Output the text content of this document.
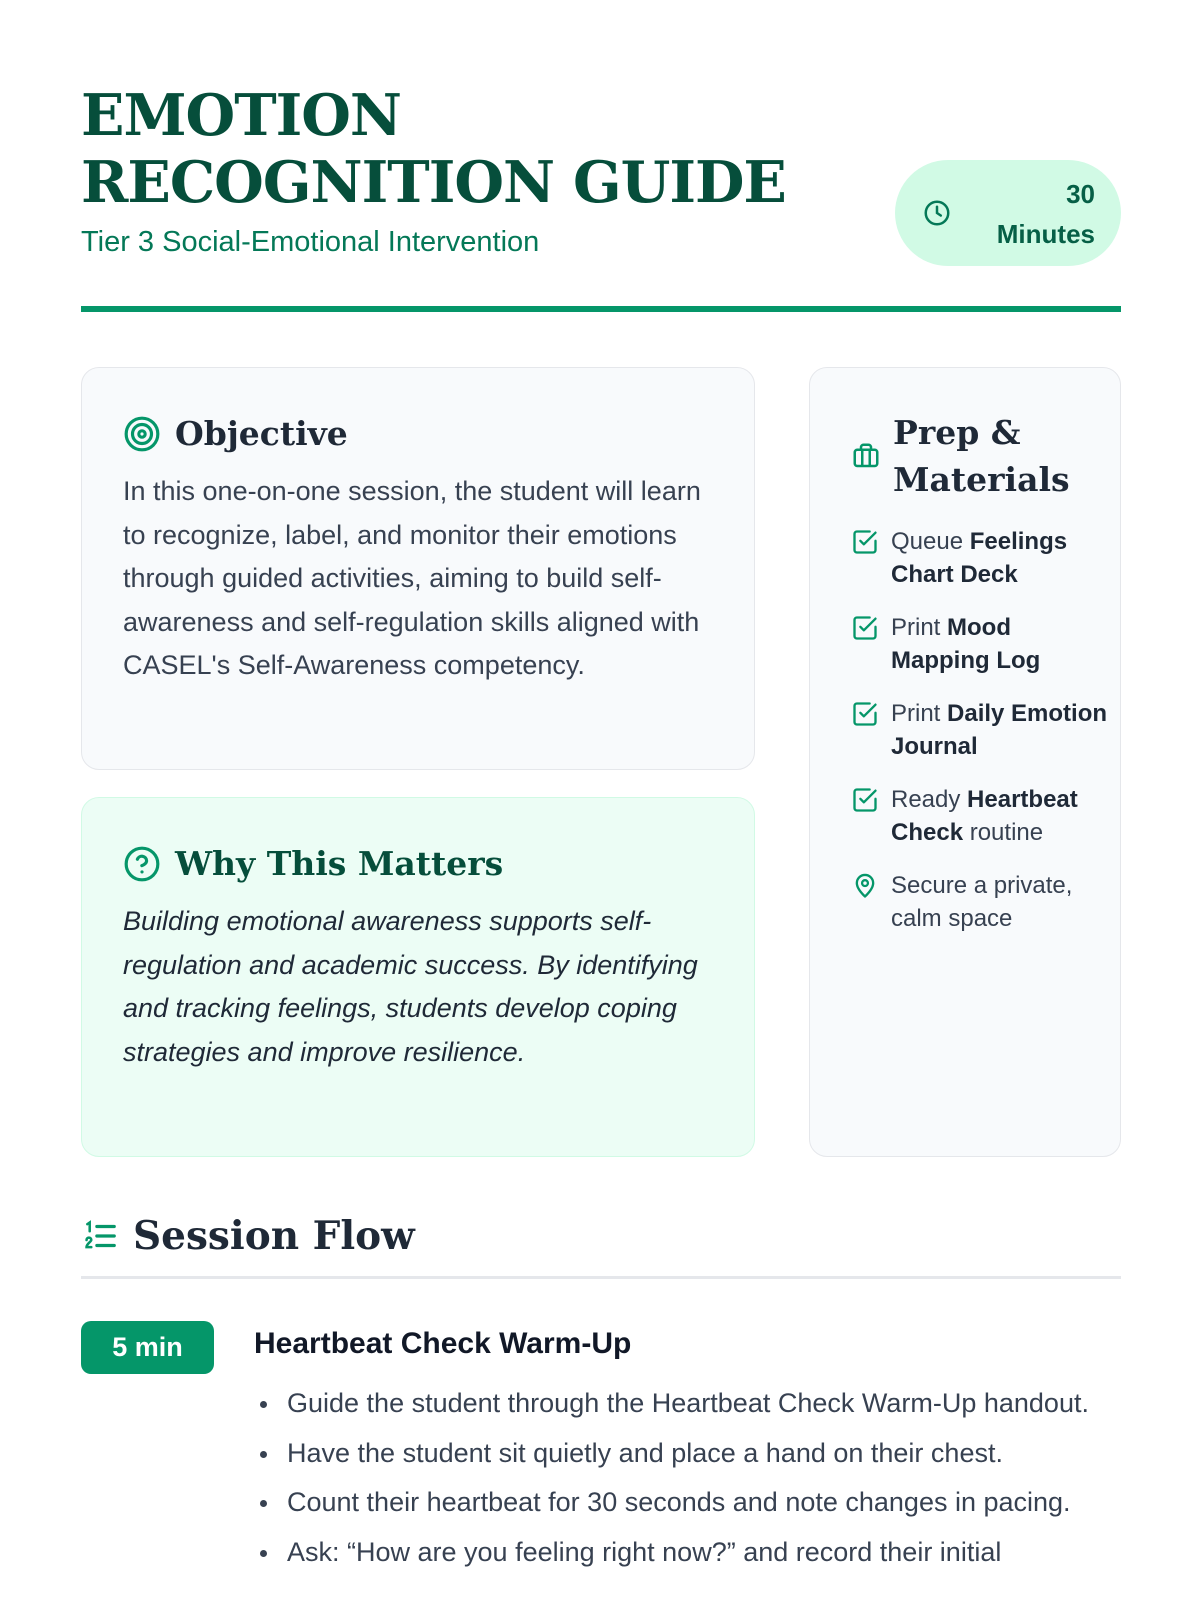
EMOTION RECOGNITION GUIDE
Tier 3 Social-Emotional Intervention
30 Minutes
Objective

In this one-on-one session, the student will learn to recognize, label, and monitor their emotions through guided activities, aiming to build self-awareness and self-regulation skills aligned with CASEL's Self-Awareness competency.

Why This Matters

Building emotional awareness supports self-regulation and academic success. By identifying and tracking feelings, students develop coping strategies and improve resilience.

Prep & Materials
Queue Feelings Chart Deck
Print Mood Mapping Log
Print Daily Emotion Journal
Ready Heartbeat Check routine
Secure a private, calm space
Session Flow
5 min	Heartbeat Check Warm-Up
Guide the student through the Heartbeat Check Warm-Up handout.
Have the student sit quietly and place a hand on their chest.
Count their heartbeat for 30 seconds and note changes in pacing.
Ask: “How are you feeling right now?” and record their initial
